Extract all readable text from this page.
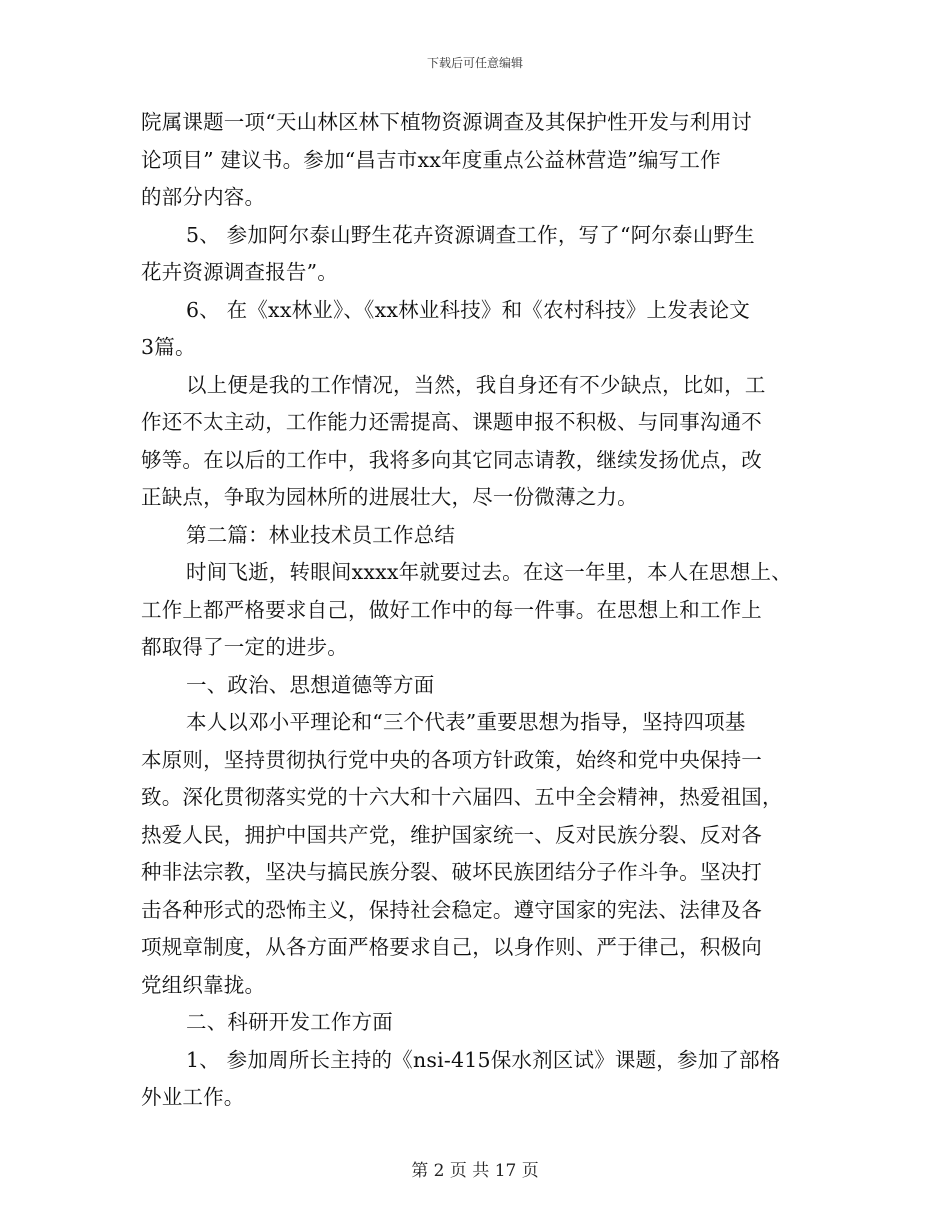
下载后可任意编辑
院属课题一项“天山林区林下植物资源调查及其保护性开发与利用讨
论项目” 建议书。参加“昌吉市xx年度重点公益林营造”编写工作
的部分内容。
5、 参加阿尔泰山野生花卉资源调查工作，写了“阿尔泰山野生
花卉资源调查报告”。
6、 在《xx林业》、《xx林业科技》和《农村科技》上发表论文
3篇。
以上便是我的工作情况，当然，我自身还有不少缺点，比如，工
作还不太主动，工作能力还需提高、课题申报不积极、与同事沟通不
够等。在以后的工作中，我将多向其它同志请教，继续发扬优点，改
正缺点，争取为园林所的进展壮大，尽一份微薄之力。
第二篇：林业技术员工作总结
时间飞逝，转眼间xxxx年就要过去。在这一年里，本人在思想上、
工作上都严格要求自己，做好工作中的每一件事。在思想上和工作上
都取得了一定的进步。
一、政治、思想道德等方面
本人以邓小平理论和“三个代表”重要思想为指导，坚持四项基
本原则，坚持贯彻执行党中央的各项方针政策，始终和党中央保持一
致。深化贯彻落实党的十六大和十六届四、五中全会精神，热爱祖国，
热爱人民，拥护中国共产党，维护国家统一、反对民族分裂、反对各
种非法宗教，坚决与搞民族分裂、破坏民族团结分子作斗争。坚决打
击各种形式的恐怖主义，保持社会稳定。遵守国家的宪法、法律及各
项规章制度，从各方面严格要求自己，以身作则、严于律己，积极向
党组织靠拢。
二、科研开发工作方面
1、 参加周所长主持的《nsi-415保水剂区试》课题，参加了部格
外业工作。
第 2 页 共 17 页
